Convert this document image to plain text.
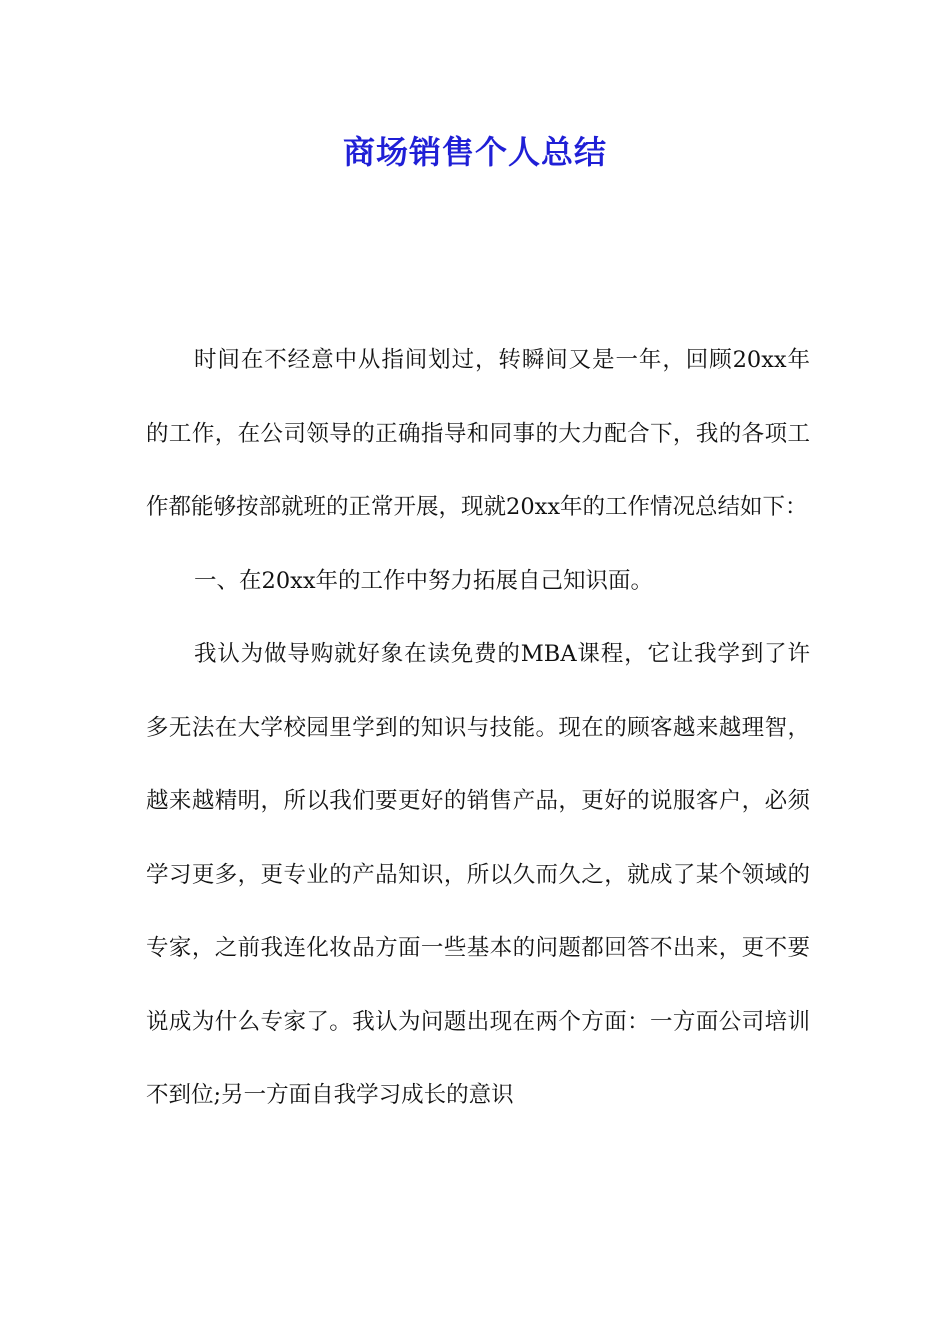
商场销售个人总结

时间在不经意中从指间划过，转瞬间又是一年，回顾20xx年的工作，在公司领导的正确指导和同事的大力配合下，我的各项工作都能够按部就班的正常开展，现就20xx年的工作情况总结如下：

一、在20xx年的工作中努力拓展自己知识面。

我认为做导购就好象在读免费的MBA课程，它让我学到了许多无法在大学校园里学到的知识与技能。现在的顾客越来越理智，越来越精明，所以我们要更好的销售产品，更好的说服客户，必须学习更多，更专业的产品知识，所以久而久之，就成了某个领域的专家，之前我连化妆品方面一些基本的问题都回答不出来，更不要说成为什么专家了。我认为问题出现在两个方面：一方面公司培训不到位;另一方面自我学习成长的意识
